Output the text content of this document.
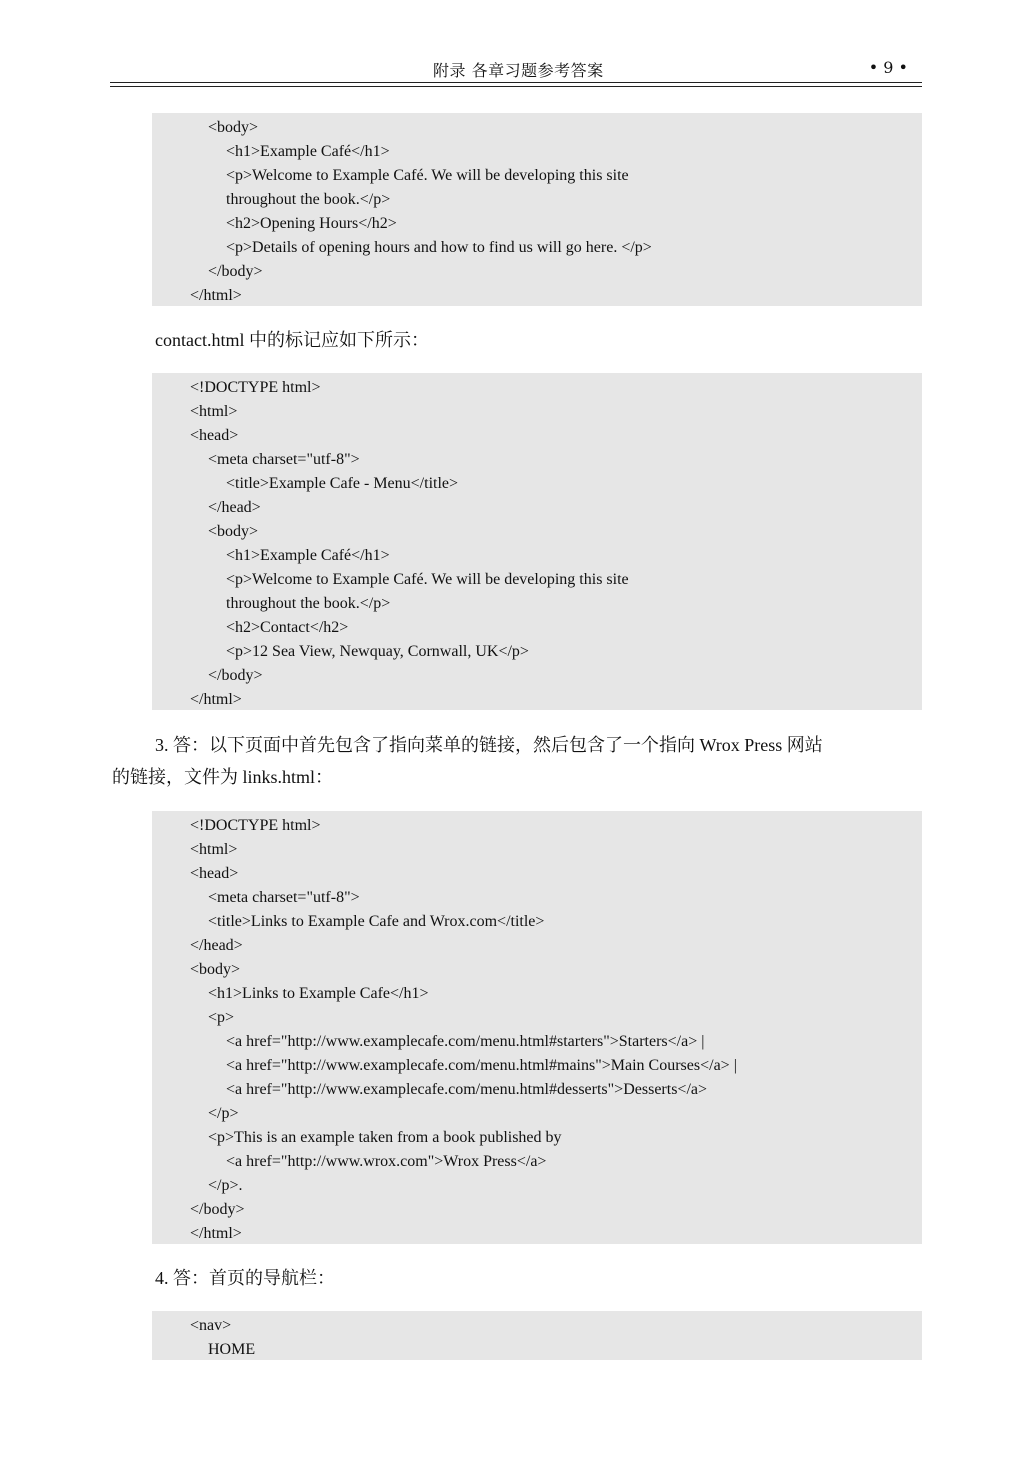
附录 各章习题参考答案	• 9 •
<body>
<h1>Example Café</h1>
<p>Welcome to Example Café. We will be developing this site
throughout the book.</p>
<h2>Opening Hours</h2>
<p>Details of opening hours and how to find us will go here. </p>
</body>
</html>
contact.html 中的标记应如下所示：
<!DOCTYPE html>
<html>
<head>
<meta charset="utf-8">
<title>Example Cafe - Menu</title>
</head>
<body>
<h1>Example Café</h1>
<p>Welcome to Example Café. We will be developing this site
throughout the book.</p>
<h2>Contact</h2>
<p>12 Sea View, Newquay, Cornwall, UK</p>
</body>
</html>
3. 答：以下页面中首先包含了指向菜单的链接，然后包含了一个指向 Wrox Press 网站
的链接，文件为 links.html：
<!DOCTYPE html>
<html>
<head>
<meta charset="utf-8">
<title>Links to Example Cafe and Wrox.com</title>
</head>
<body>
<h1>Links to Example Cafe</h1>
<p>
<a href="http://www.examplecafe.com/menu.html#starters">Starters</a> |
<a href="http://www.examplecafe.com/menu.html#mains">Main Courses</a> |
<a href="http://www.examplecafe.com/menu.html#desserts">Desserts</a>
</p>
<p>This is an example taken from a book published by
<a href="http://www.wrox.com">Wrox Press</a>
</p>.
</body>
</html>
4. 答：首页的导航栏：
<nav>
HOME
